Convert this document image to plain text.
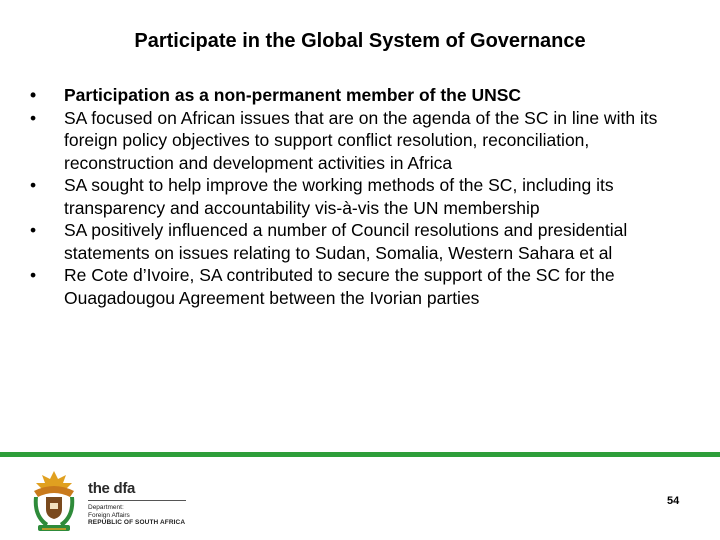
Participate in the Global System of Governance
•	Participation as a non-permanent member of the UNSC
•	SA focused on African issues that are on the agenda of the SC in line with its foreign policy objectives to support conflict resolution, reconciliation, reconstruction and development activities in Africa
•	SA sought to help improve the working methods of the SC, including its transparency and accountability vis-à-vis the UN membership
•	SA positively influenced a number of Council resolutions and presidential statements on issues relating to Sudan, Somalia, Western Sahara et al
•	Re Cote d’Ivoire, SA contributed to secure the support of the SC for the Ouagadougou Agreement between the Ivorian parties
the dfa
Department:
Foreign Affairs
REPUBLIC OF SOUTH AFRICA
54
